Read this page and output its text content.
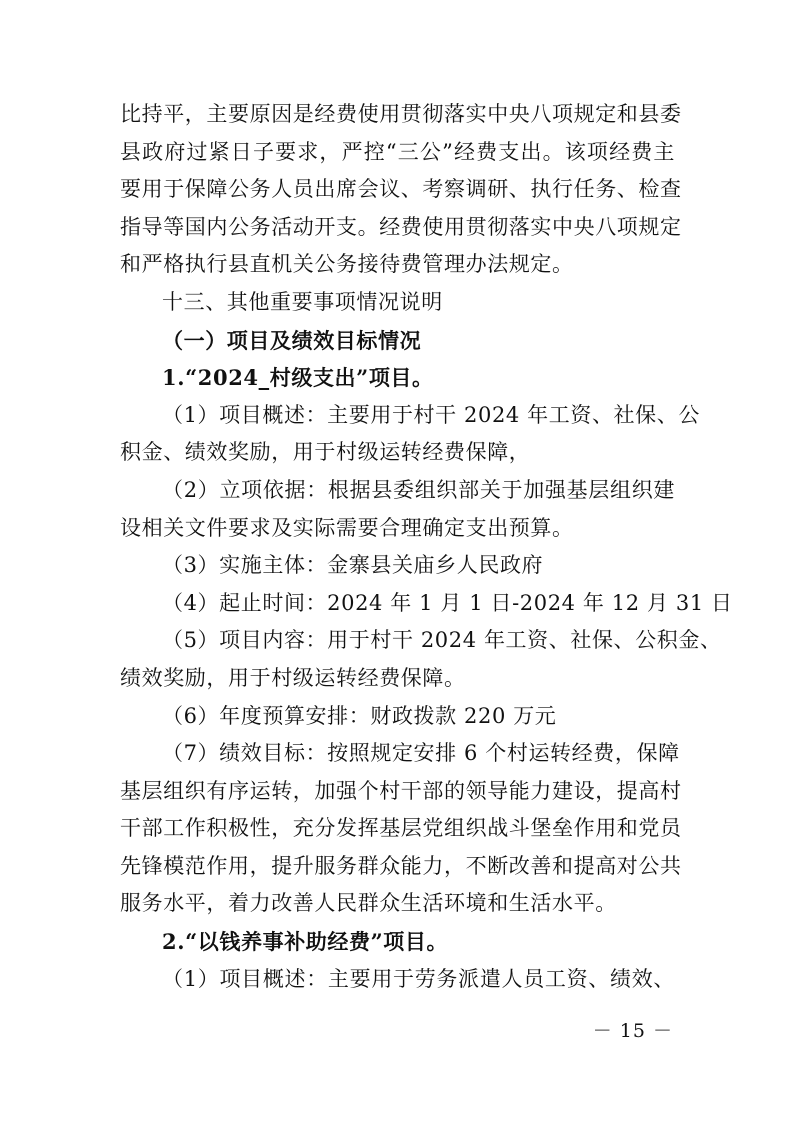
比持平，主要原因是经费使用贯彻落实中央八项规定和县委
县政府过紧日子要求，严控“三公”经费支出。该项经费主
要用于保障公务人员出席会议、考察调研、执行任务、检查
指导等国内公务活动开支。经费使用贯彻落实中央八项规定
和严格执行县直机关公务接待费管理办法规定。
十三、其他重要事项情况说明
（一）项目及绩效目标情况
1.“2024_村级支出”项目。
（1）项目概述：主要用于村干 2024 年工资、社保、公
积金、绩效奖励，用于村级运转经费保障，
（2）立项依据：根据县委组织部关于加强基层组织建
设相关文件要求及实际需要合理确定支出预算。
（3）实施主体：金寨县关庙乡人民政府
（4）起止时间：2024 年 1 月 1 日-2024 年 12 月 31 日
（5）项目内容：用于村干 2024 年工资、社保、公积金、
绩效奖励，用于村级运转经费保障。
（6）年度预算安排：财政拨款 220 万元
（7）绩效目标：按照规定安排 6 个村运转经费，保障
基层组织有序运转，加强个村干部的领导能力建设，提高村
干部工作积极性，充分发挥基层党组织战斗堡垒作用和党员
先锋模范作用，提升服务群众能力，不断改善和提高对公共
服务水平，着力改善人民群众生活环境和生活水平。
2.“以钱养事补助经费”项目。
（1）项目概述：主要用于劳务派遣人员工资、绩效、
－ 15 －
